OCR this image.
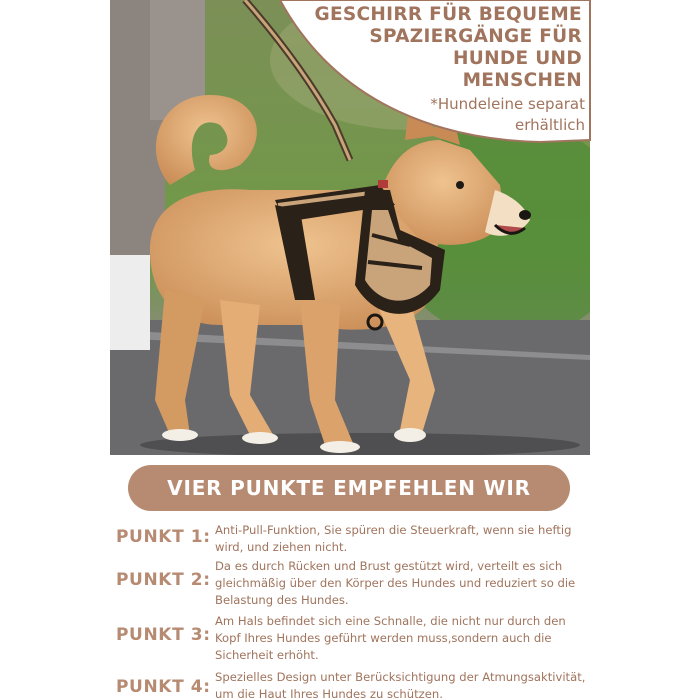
GESCHIRR FÜR BEQUEME
SPAZIERGÄNGE FÜR
HUNDE UND
MENSCHEN
*Hundeleine separat
erhältlich
VIER PUNKTE EMPFEHLEN WIR
PUNKT 1: Anti-Pull-Funktion, Sie spüren die Steuerkraft, wenn sie heftig wird, und ziehen nicht.
PUNKT 2:
Da es durch Rücken und Brust gestützt wird, verteilt es sich gleichmäßig über den Körper des Hundes und reduziert so die Belastung des Hundes.
PUNKT 3:
Am Hals befindet sich eine Schnalle, die nicht nur durch den Kopf Ihres Hundes geführt werden muss,sondern auch die Sicherheit erhöht.
PUNKT 4: Spezielles Design unter Berücksichtigung der Atmungsaktivität, um die Haut Ihres Hundes zu schützen.
